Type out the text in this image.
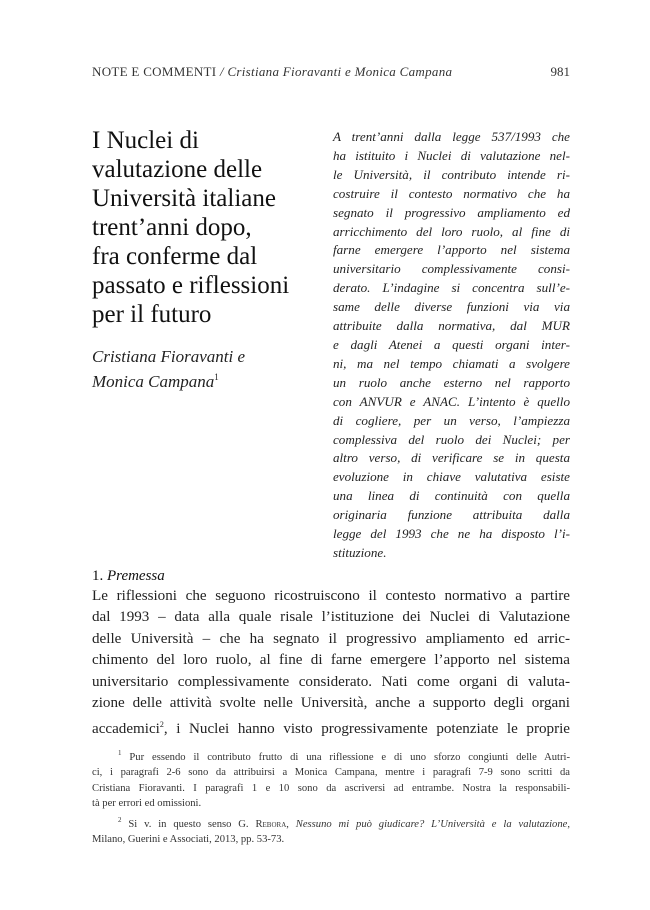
NOTE E COMMENTI / Cristiana Fioravanti e Monica Campana	981
I Nuclei di
valutazione delle
Università italiane
trent’anni dopo,
fra conferme dal
passato e riflessioni
per il futuro
Cristiana Fioravanti e
Monica Campana$^1$
A trent’anni dalla legge 537/1993 che
ha istituito i Nuclei di valutazione nel-
le Università, il contributo intende ri-
costruire il contesto normativo che ha
segnato il progressivo ampliamento ed
arricchimento del loro ruolo, al fine di
farne emergere l’apporto nel sistema
universitario complessivamente consi-
derato. L’indagine si concentra sull’e-
same delle diverse funzioni via via
attribuite dalla normativa, dal MUR
e dagli Atenei a questi organi inter-
ni, ma nel tempo chiamati a svolgere
un ruolo anche esterno nel rapporto
con ANVUR e ANAC. L’intento è quello
di cogliere, per un verso, l’ampiezza
complessiva del ruolo dei Nuclei; per
altro verso, di verificare se in questa
evoluzione in chiave valutativa esiste
una linea di continuità con quella
originaria funzione attribuita dalla
legge del 1993 che ne ha disposto l’i-
stituzione.
1. Premessa
Le riflessioni che seguono ricostruiscono il contesto normativo a partire
dal 1993 – data alla quale risale l’istituzione dei Nuclei di Valutazione
delle Università – che ha segnato il progressivo ampliamento ed arric-
chimento del loro ruolo, al fine di farne emergere l’apporto nel sistema
universitario complessivamente considerato. Nati come organi di valuta-
zione delle attività svolte nelle Università, anche a supporto degli organi
accademici$^2$, i Nuclei hanno visto progressivamente potenziate le proprie
$^1$ Pur essendo il contributo frutto di una riflessione e di uno sforzo congiunti delle Autri-
ci, i paragrafi 2-6 sono da attribuirsi a Monica Campana, mentre i paragrafi 7-9 sono scritti da
Cristiana Fioravanti. I paragrafi 1 e 10 sono da ascriversi ad entrambe. Nostra la responsabili-
tà per errori ed omissioni.
$^2$ Si v. in questo senso G. Rebora, Nessuno mi può giudicare? L’Università e la valutazione,
Milano, Guerini e Associati, 2013, pp. 53-73.
